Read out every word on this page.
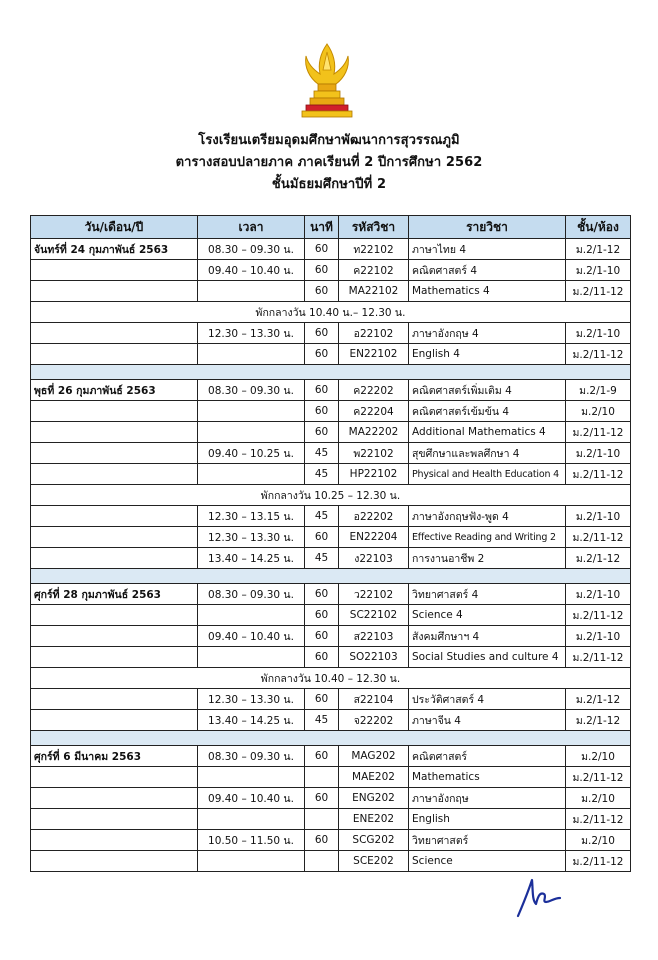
โรงเรียนเตรียมอุดมศึกษาพัฒนาการสุวรรณภูมิ
ตารางสอบปลายภาค ภาคเรียนที่ 2 ปีการศึกษา 2562
ชั้นมัธยมศึกษาปีที่ 2
วัน/เดือน/ปี	เวลา	นาที	รหัสวิชา	รายวิชา	ชั้น/ห้อง
จันทร์ที่ 24 กุมภาพันธ์ 2563	08.30 – 09.30 น.	60	ท22102	ภาษาไทย 4	ม.2/1-12
	09.40 – 10.40 น.	60	ค22102	คณิตศาสตร์ 4	ม.2/1-10
		60	MA22102	Mathematics 4	ม.2/11-12
พักกลางวัน 10.40 น.– 12.30 น.					
	12.30 – 13.30 น.	60	อ22102	ภาษาอังกฤษ 4	ม.2/1-10
		60	EN22102	English 4	ม.2/11-12

พุธที่ 26 กุมภาพันธ์ 2563	08.30 – 09.30 น.	60	ค22202	คณิตศาสตร์เพิ่มเติม 4	ม.2/1-9
		60	ค22204	คณิตศาสตร์เข้มข้น 4	ม.2/10
		60	MA22202	Additional Mathematics 4	ม.2/11-12
	09.40 – 10.25 น.	45	พ22102	สุขศึกษาและพลศึกษา 4	ม.2/1-10
		45	HP22102	Physical and Health Education 4	ม.2/11-12
พักกลางวัน 10.25 – 12.30 น.					
	12.30 – 13.15 น.	45	อ22202	ภาษาอังกฤษฟัง-พูด 4	ม.2/1-10
	12.30 – 13.30 น.	60	EN22204	Effective Reading and Writing 2	ม.2/11-12
	13.40 – 14.25 น.	45	ง22103	การงานอาชีพ 2	ม.2/1-12

ศุกร์ที่ 28 กุมภาพันธ์ 2563	08.30 – 09.30 น.	60	ว22102	วิทยาศาสตร์ 4	ม.2/1-10
		60	SC22102	Science 4	ม.2/11-12
	09.40 – 10.40 น.	60	ส22103	สังคมศึกษาฯ 4	ม.2/1-10
		60	SO22103	Social Studies and culture 4	ม.2/11-12
พักกลางวัน 10.40 – 12.30 น.					
	12.30 – 13.30 น.	60	ส22104	ประวัติศาสตร์ 4	ม.2/1-12
	13.40 – 14.25 น.	45	จ22202	ภาษาจีน 4	ม.2/1-12

ศุกร์ที่ 6 มีนาคม 2563	08.30 – 09.30 น.	60	MAG202	คณิตศาสตร์	ม.2/10
			MAE202	Mathematics	ม.2/11-12
	09.40 – 10.40 น.	60	ENG202	ภาษาอังกฤษ	ม.2/10
			ENE202	English	ม.2/11-12
	10.50 – 11.50 น.	60	SCG202	วิทยาศาสตร์	ม.2/10
			SCE202	Science	ม.2/11-12
